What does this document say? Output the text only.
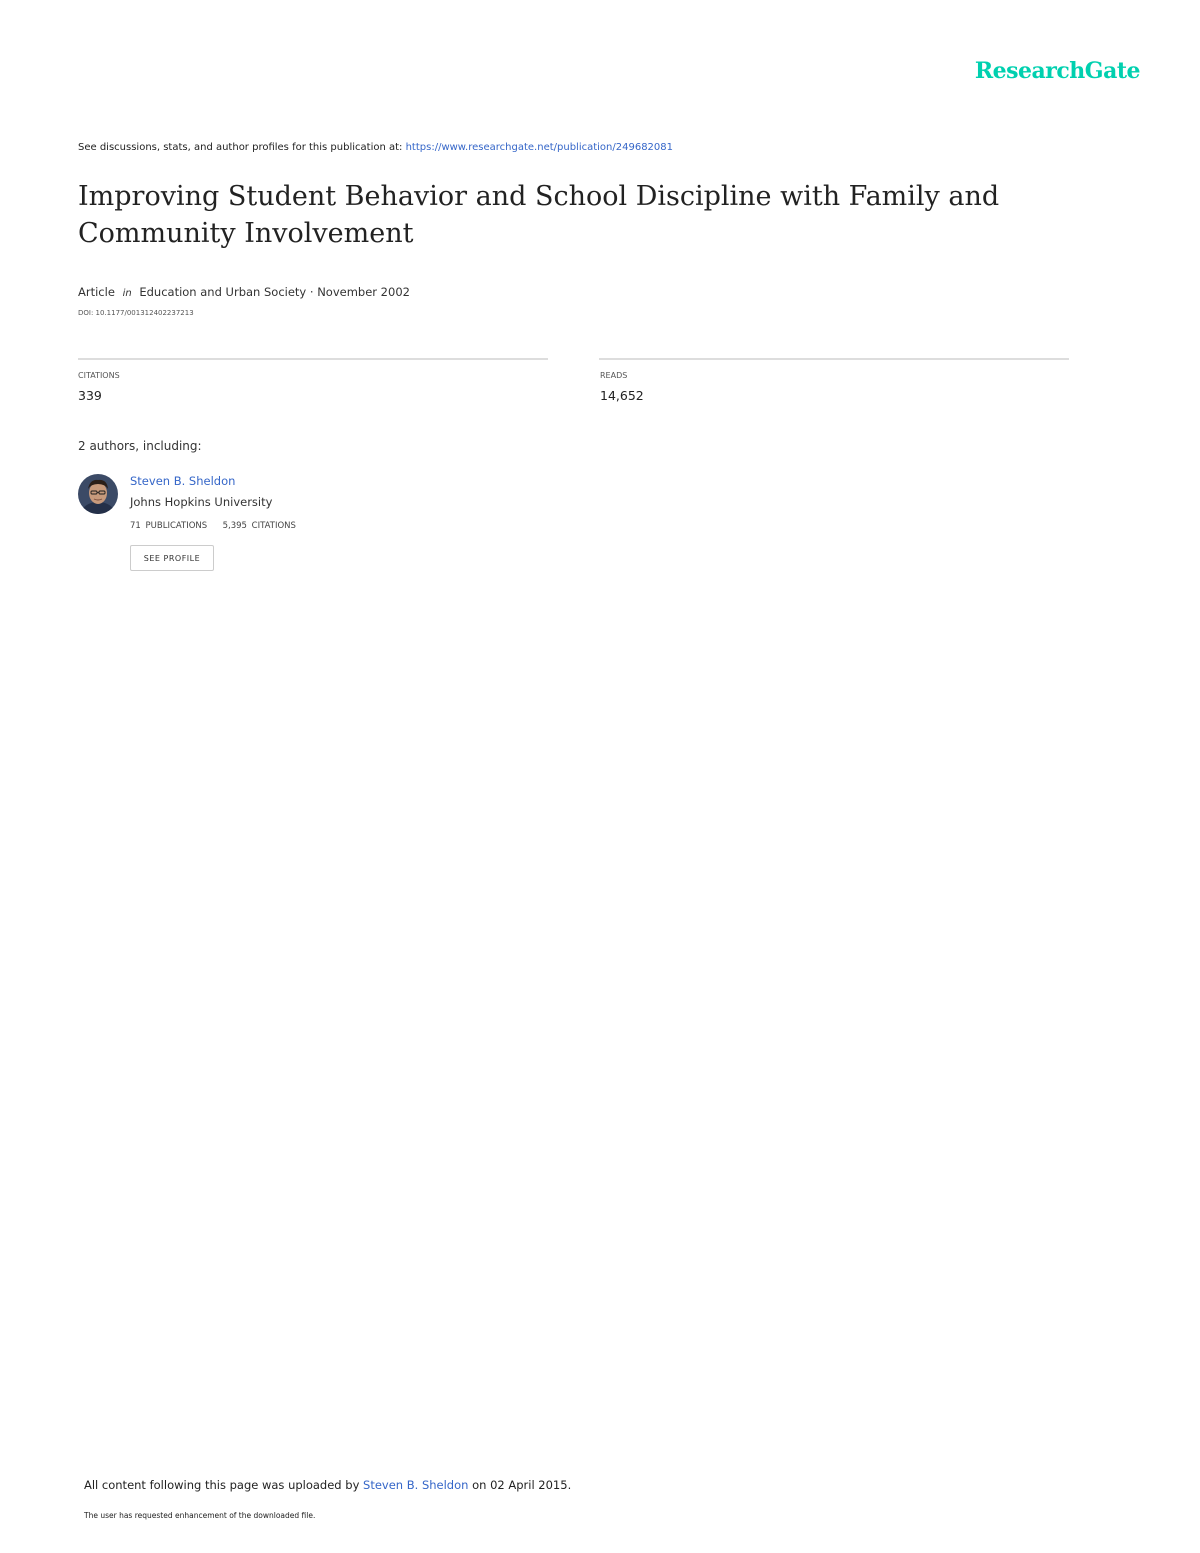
ResearchGate
See discussions, stats, and author profiles for this publication at: https://www.researchgate.net/publication/249682081
Improving Student Behavior and School Discipline with Family and Community Involvement
Article in Education and Urban Society · November 2002
DOI: 10.1177/001312402237213
CITATIONS
339
READS
14,652
2 authors, including:
Steven B. Sheldon
Johns Hopkins University
71 PUBLICATIONS 5,395 CITATIONS
SEE PROFILE
All content following this page was uploaded by Steven B. Sheldon on 02 April 2015.
The user has requested enhancement of the downloaded file.
